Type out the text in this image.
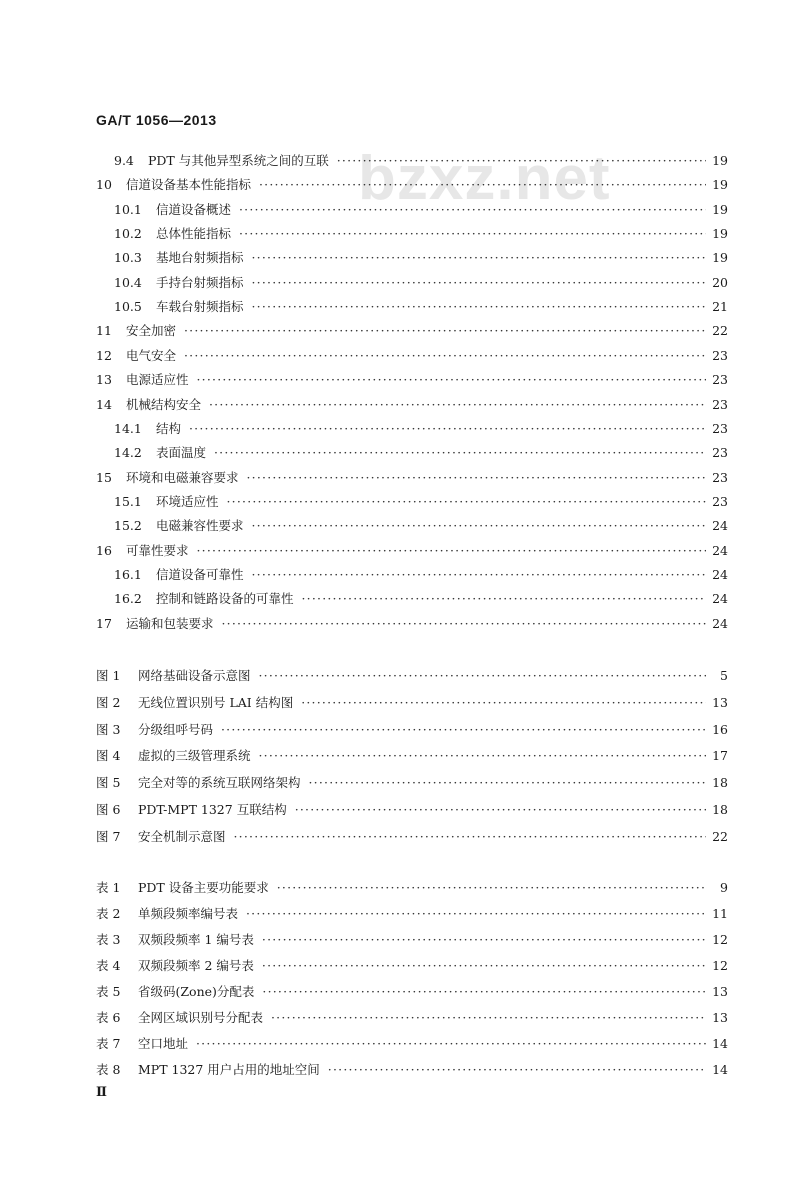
GA/T 1056—2013
bzxz.net
9.4 PDT 与其他异型系统之间的互联 ·····	19
10 信道设备基本性能指标 ·····	19
10.1 信道设备概述 ·····	19
10.2 总体性能指标 ·····	19
10.3 基地台射频指标 ·····	19
10.4 手持台射频指标 ·····	20
10.5 车载台射频指标 ·····	21
11 安全加密 ·····	22
12 电气安全 ·····	23
13 电源适应性 ·····	23
14 机械结构安全 ·····	23
14.1 结构 ·····	23
14.2 表面温度 ·····	23
15 环境和电磁兼容要求 ·····	23
15.1 环境适应性 ·····	23
15.2 电磁兼容性要求 ·····	24
16 可靠性要求 ·····	24
16.1 信道设备可靠性 ·····	24
16.2 控制和链路设备的可靠性 ·····	24
17 运输和包装要求 ·····	24
图 1 网络基础设备示意图 ·····	5
图 2 无线位置识别号 LAI 结构图 ·····	13
图 3 分级组呼号码 ·····	16
图 4 虚拟的三级管理系统 ·····	17
图 5 完全对等的系统互联网络架构 ·····	18
图 6 PDT-MPT 1327 互联结构 ·····	18
图 7 安全机制示意图 ·····	22
表 1 PDT 设备主要功能要求 ·····	9
表 2 单频段频率编号表 ·····	11
表 3 双频段频率 1 编号表 ·····	12
表 4 双频段频率 2 编号表 ·····	12
表 5 省级码(Zone)分配表 ·····	13
表 6 全网区域识别号分配表 ·····	13
表 7 空口地址 ·····	14
表 8 MPT 1327 用户占用的地址空间 ·····	14
Ⅱ
